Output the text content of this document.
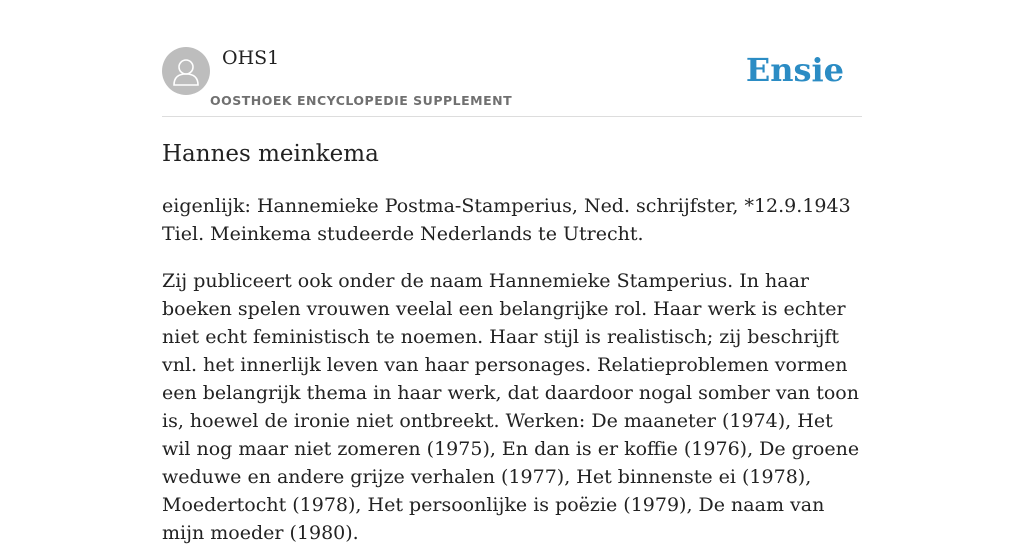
OHS1
OOSTHOEK ENCYCLOPEDIE SUPPLEMENT
Ensie
Hannes meinkema

eigenlijk: Hannemieke Postma-Stamperius, Ned. schrijfster, *12.9.1943 Tiel. Meinkema studeerde Nederlands te Utrecht.

Zij publiceert ook onder de naam Hannemieke Stamperius. In haar boeken spelen vrouwen veelal een belangrijke rol. Haar werk is echter niet echt feministisch te noemen. Haar stijl is realistisch; zij beschrijft vnl. het innerlijk leven van haar personages. Relatieproblemen vormen een belangrijk thema in haar werk, dat daardoor nogal somber van toon is, hoewel de ironie niet ontbreekt. Werken: De maaneter (1974), Het wil nog maar niet zomeren (1975), En dan is er koffie (1976), De groene weduwe en andere grijze verhalen (1977), Het binnenste ei (1978), Moedertocht (1978), Het persoonlijke is poëzie (1979), De naam van mijn moeder (1980).
